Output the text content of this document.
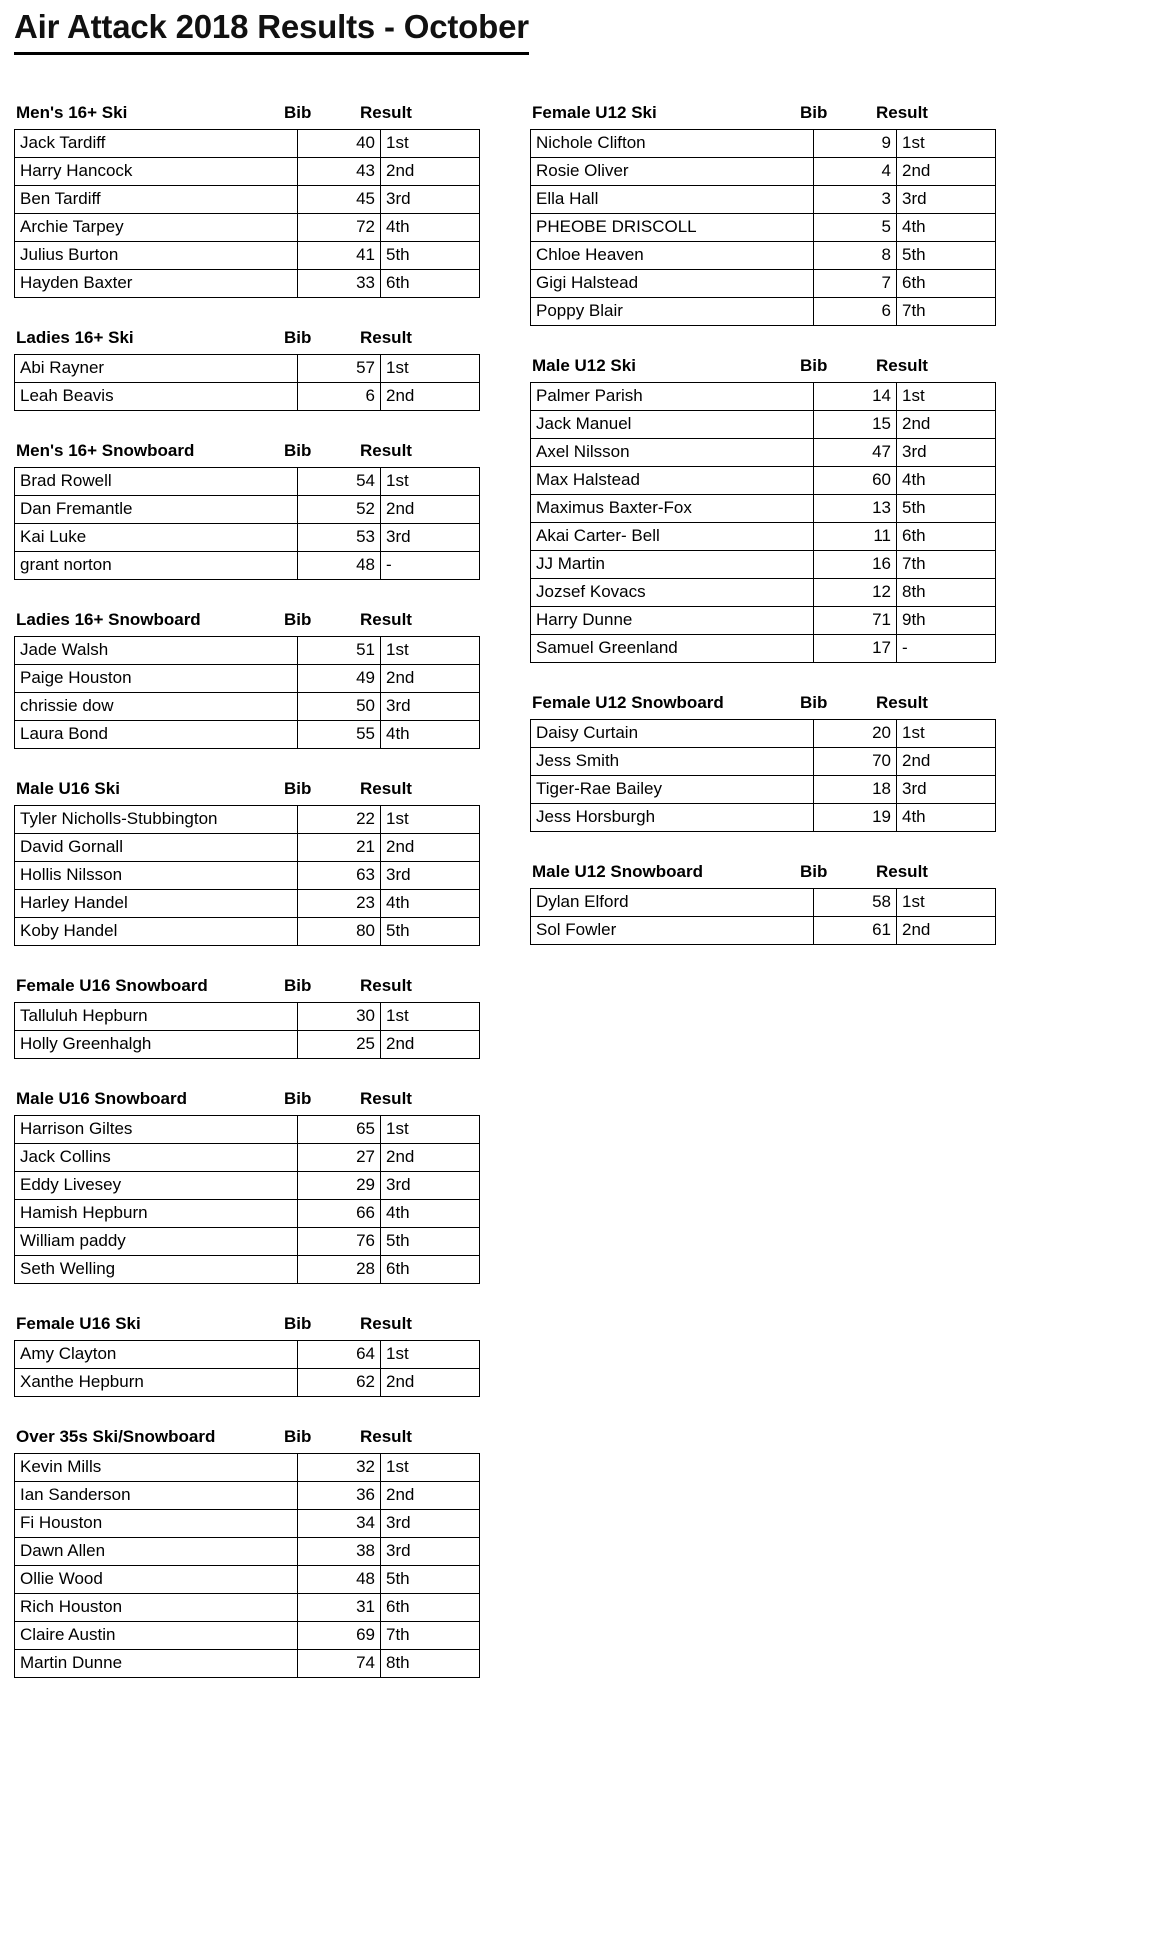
Air Attack 2018 Results - October
Men's 16+ Ski	Bib	Result
Jack Tardiff	40	1st
Harry Hancock	43	2nd
Ben Tardiff	45	3rd
Archie Tarpey	72	4th
Julius Burton	41	5th
Hayden Baxter	33	6th
Ladies 16+ Ski	Bib	Result
Abi Rayner	57	1st
Leah Beavis	6	2nd
Men's 16+ Snowboard	Bib	Result
Brad Rowell	54	1st
Dan Fremantle	52	2nd
Kai Luke	53	3rd
grant norton	48	-
Ladies 16+ Snowboard	Bib	Result
Jade Walsh	51	1st
Paige Houston	49	2nd
chrissie dow	50	3rd
Laura Bond	55	4th
Male U16 Ski	Bib	Result
Tyler Nicholls-Stubbington	22	1st
David Gornall	21	2nd
Hollis Nilsson	63	3rd
Harley Handel	23	4th
Koby Handel	80	5th
Female U16 Snowboard	Bib	Result
Talluluh Hepburn	30	1st
Holly Greenhalgh	25	2nd
Male U16 Snowboard	Bib	Result
Harrison Giltes	65	1st
Jack Collins	27	2nd
Eddy Livesey	29	3rd
Hamish Hepburn	66	4th
William paddy	76	5th
Seth Welling	28	6th
Female U16 Ski	Bib	Result
Amy Clayton	64	1st
Xanthe Hepburn	62	2nd
Over 35s Ski/Snowboard	Bib	Result
Kevin Mills	32	1st
Ian Sanderson	36	2nd
Fi Houston	34	3rd
Dawn Allen	38	3rd
Ollie Wood	48	5th
Rich Houston	31	6th
Claire Austin	69	7th
Martin Dunne	74	8th
Female U12 Ski	Bib	Result
Nichole Clifton	9	1st
Rosie Oliver	4	2nd
Ella Hall	3	3rd
PHEOBE DRISCOLL	5	4th
Chloe Heaven	8	5th
Gigi Halstead	7	6th
Poppy Blair	6	7th
Male U12 Ski	Bib	Result
Palmer Parish	14	1st
Jack Manuel	15	2nd
Axel Nilsson	47	3rd
Max Halstead	60	4th
Maximus Baxter-Fox	13	5th
Akai Carter- Bell	11	6th
JJ Martin	16	7th
Jozsef Kovacs	12	8th
Harry Dunne	71	9th
Samuel Greenland	17	-
Female U12 Snowboard	Bib	Result
Daisy Curtain	20	1st
Jess Smith	70	2nd
Tiger-Rae Bailey	18	3rd
Jess Horsburgh	19	4th
Male U12 Snowboard	Bib	Result
Dylan Elford	58	1st
Sol Fowler	61	2nd
